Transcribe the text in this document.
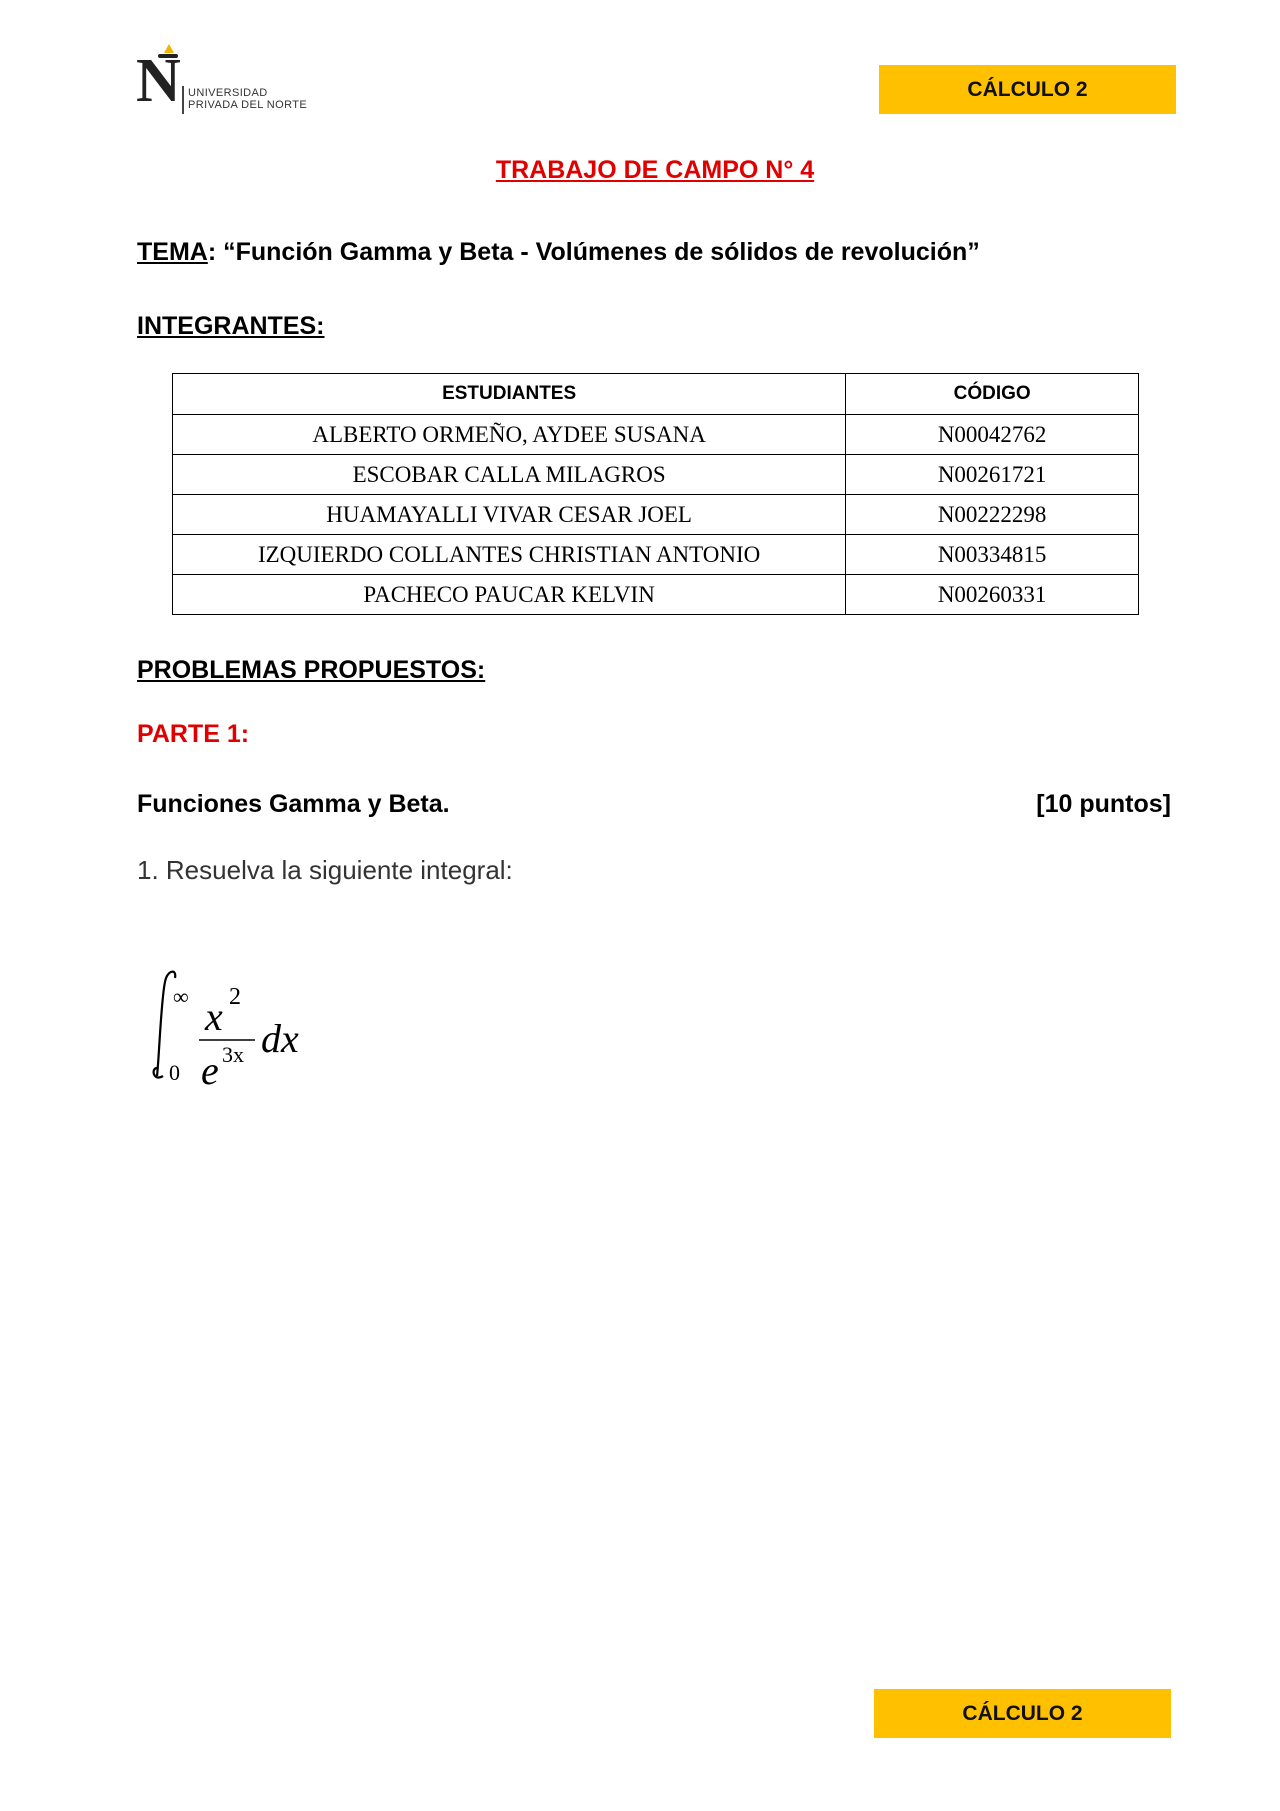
N UNIVERSIDAD
PRIVADA DEL NORTE
CÁLCULO 2
TRABAJO DE CAMPO N° 4
TEMA: “Función Gamma y Beta - Volúmenes de sólidos de revolución”
INTEGRANTES:
ESTUDIANTES	CÓDIGO
ALBERTO ORMEÑO, AYDEE SUSANA	N00042762
ESCOBAR CALLA MILAGROS	N00261721
HUAMAYALLI VIVAR CESAR JOEL	N00222298
IZQUIERDO COLLANTES CHRISTIAN ANTONIO	N00334815
PACHECO PAUCAR KELVIN	N00260331
PROBLEMAS PROPUESTOS:
PARTE 1:
Funciones Gamma y Beta.	[10 puntos]
1. Resuelva la siguiente integral:
∞
0
x 2
e 3x dx
CÁLCULO 2
